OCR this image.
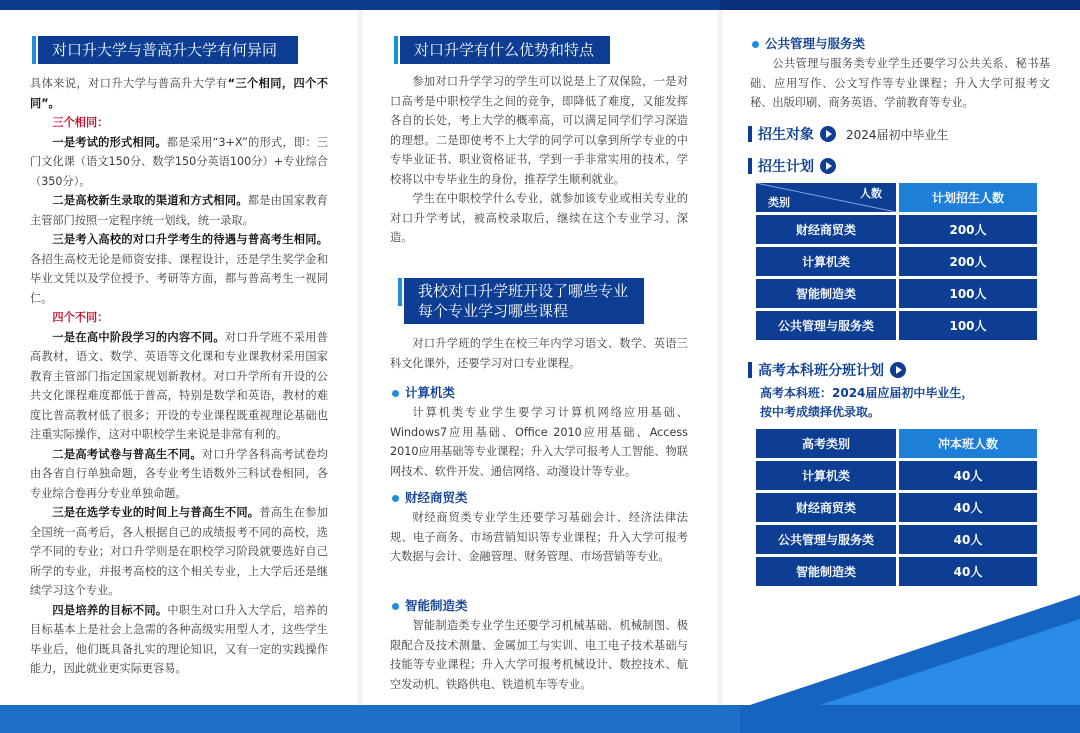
对口升大学与普高升大学有何异同
具体来说，对口升大学与普高升大学有“三个相同，四个不同”。
三个相同：

一是考试的形式相同。都是采用“3+X”的形式，即：三门文化课（语文150分、数学150分英语100分）+专业综合（350分）。

二是高校新生录取的渠道和方式相同。都是由国家教育主管部门按照一定程序统一划线，统一录取。

三是考入高校的对口升学考生的待遇与普高考生相同。各招生高校无论是师资安排、课程设计，还是学生奖学金和毕业文凭以及学位授予、考研等方面，都与普高考生一视同仁。

四个不同：

一是在高中阶段学习的内容不同。对口升学班不采用普高教材，语文、数学、英语等文化课和专业课教材采用国家教育主管部门指定国家规划新教材。对口升学所有开设的公共文化课程难度都低于普高，特别是数学和英语，教材的难度比普高教材低了很多；开设的专业课程既重视理论基础也注重实际操作，这对中职校学生来说是非常有利的。

二是高考试卷与普高生不同。对口升学各科高考试卷均由各省自行单独命题，各专业考生语数外三科试卷相同，各专业综合卷再分专业单独命题。

三是在选学专业的时间上与普高生不同。普高生在参加全国统一高考后，各人根据自己的成绩报考不同的高校，选学不同的专业；对口升学则是在职校学习阶段就要选好自己所学的专业，并报考高校的这个相关专业，上大学后还是继续学习这个专业。

四是培养的目标不同。中职生对口升入大学后，培养的目标基本上是社会上急需的各种高级实用型人才，这些学生毕业后，他们既具备扎实的理论知识，又有一定的实践操作能力，因此就业更实际更容易。

对口升学有什么优势和特点

参加对口升学学习的学生可以说是上了双保险，一是对口高考是中职校学生之间的竞争，即降低了难度，又能发挥各自的长处，考上大学的概率高，可以满足同学们学习深造的理想。二是即使考不上大学的同学可以拿到所学专业的中专毕业证书、职业资格证书，学到一手非常实用的技术，学校将以中专毕业生的身份，推荐学生顺利就业。

学生在中职校学什么专业，就参加该专业或相关专业的对口升学考试，被高校录取后，继续在这个专业学习、深造。

我校对口升学班开设了哪些专业
每个专业学习哪些课程

对口升学班的学生在校三年内学习语文、数学、英语三科文化课外，还要学习对口专业课程。

计算机类

计算机类专业学生要学习计算机网络应用基础、Windows7应用基础、Office 2010应用基础、Access 2010应用基础等专业课程；升入大学可报考人工智能、物联网技术、软件开发、通信网络、动漫设计等专业。

财经商贸类

财经商贸类专业学生还要学习基础会计、经济法律法规、电子商务、市场营销知识等专业课程；升入大学可报考大数据与会计、金融管理、财务管理、市场营销等专业。

智能制造类

智能制造类专业学生还要学习机械基础、机械制图、极限配合及技术测量、金属加工与实训、电工电子技术基础与技能等专业课程；升入大学可报考机械设计、数控技术、航空发动机、铁路供电、铁道机车等专业。

公共管理与服务类

公共管理与服务类专业学生还要学习公共关系、秘书基础、应用写作、公文写作等专业课程；升入大学可报考文秘、出版印刷、商务英语、学前教育等专业。

招生对象	2024届初中毕业生
招生计划
人数
类别	计划招生人数
财经商贸类	200人
计算机类	200人
智能制造类	100人
公共管理与服务类	100人
高考本科班分班计划
高考本科班：2024届应届初中毕业生，
按中考成绩择优录取。
高考类别	冲本班人数
计算机类	40人
财经商贸类	40人
公共管理与服务类	40人
智能制造类	40人
